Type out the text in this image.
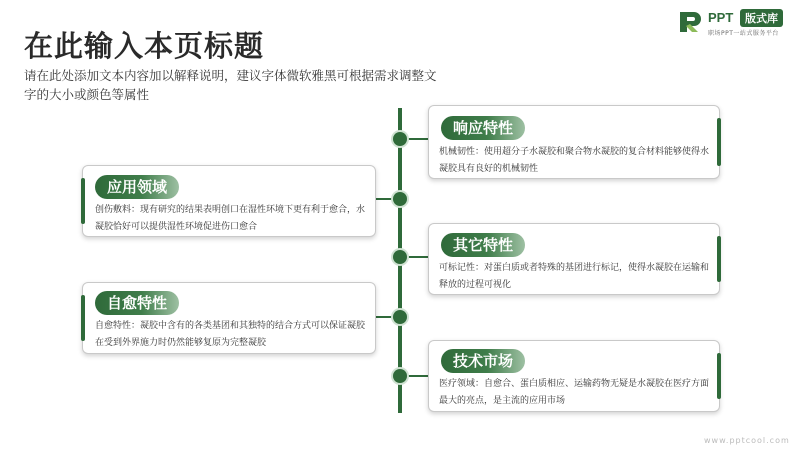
在此输入本页标题
请在此处添加文本内容加以解释说明，建议字体微软雅黑可根据需求调整文字的大小或颜色等属性
PPT	版式库
职场PPT一站式服务平台
响应特性
机械韧性：使用超分子水凝胶和聚合物水凝胶的复合材料能够使得水凝胶具有良好的机械韧性
应用领域
创伤敷料：现有研究的结果表明创口在湿性环境下更有利于愈合，水凝胶恰好可以提供湿性环境促进伤口愈合
其它特性
可标记性：对蛋白质或者特殊的基团进行标记，使得水凝胶在运输和释放的过程可视化
自愈特性
自愈特性：凝胶中含有的各类基团和其独特的结合方式可以保证凝胶在受到外界施力时仍然能够复原为完整凝胶
技术市场
医疗领域：自愈合、蛋白质相应、运输药物无疑是水凝胶在医疗方面最大的亮点，是主流的应用市场
www.pptcool.com
